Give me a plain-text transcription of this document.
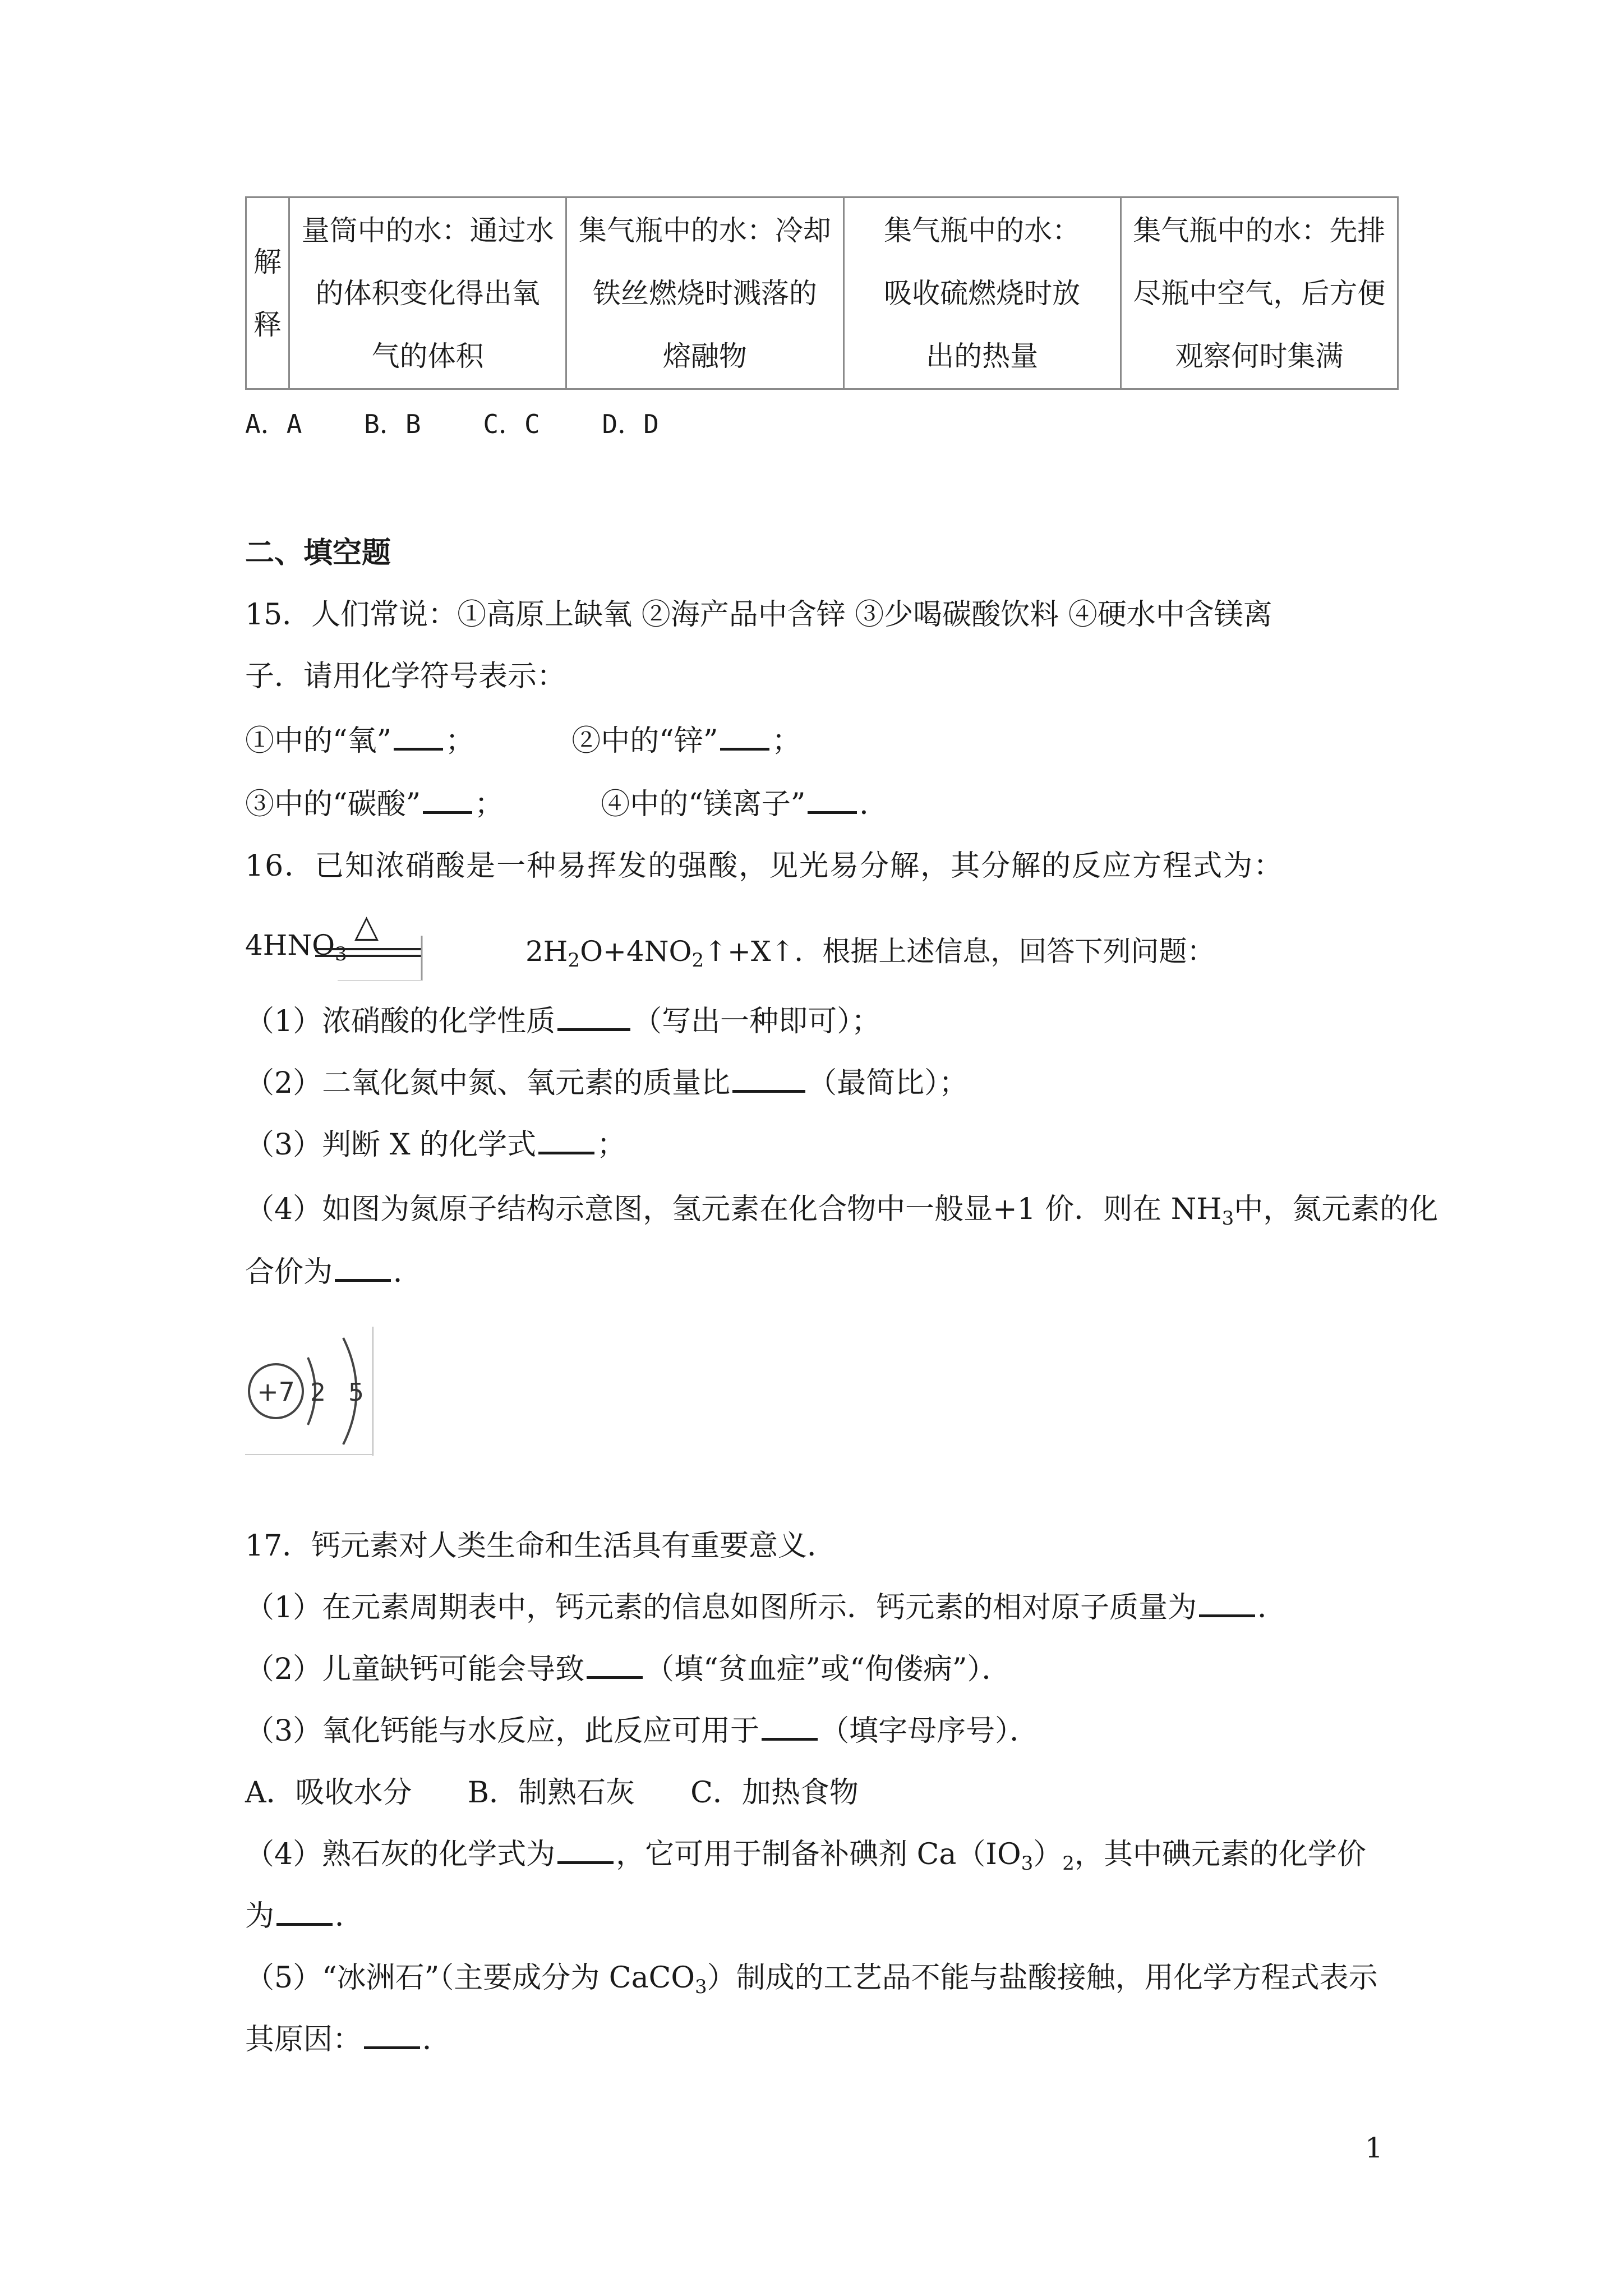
解
释

量筒中的水：通过水
的体积变化得出氧
气的体积

集气瓶中的水：冷却
铁丝燃烧时溅落的
熔融物

集气瓶中的水：
吸收硫燃烧时放
出的热量

集气瓶中的水：先排
尽瓶中空气，后方便
观察何时集满
A．A    B．B    C．C    D．D
二、填空题
15．人们常说：①高原上缺氧 ②海产品中含锌 ③少喝碳酸饮料 ④硬水中含镁离
子．请用化学符号表示：
①中的“氧” ；	②中的“锌” ；
③中的“碳酸” ；	④中的“镁离子” ．
16．已知浓硝酸是一种易挥发的强酸，见光易分解，其分解的反应方程式为：
$4HNO_3$
△
$2H_2O+4NO_2↑+X↑$．根据上述信息，回答下列问题：
（1）浓硝酸的化学性质	（写出一种即可）；
（2）二氧化氮中氮、氧元素的质量比	（最简比）；
（3）判断 X 的化学式 ；
（4）如图为氮原子结构示意图，氢元素在化合物中一般显+1 价．则在 $NH_3$中，氮元素的化
合价为 ．
+7 2 5
17．钙元素对人类生命和生活具有重要意义．
（1）在元素周期表中，钙元素的信息如图所示．钙元素的相对原子质量为 ．
（2）儿童缺钙可能会导致 （填“贫血症”或“佝偻病”）．
（3）氧化钙能与水反应，此反应可用于 （填字母序号）．
A．吸收水分      B．制熟石灰      C．加热食物
（4）熟石灰的化学式为 ，它可用于制备补碘剂 $Ca(IO_3)_2$，其中碘元素的化学价
为 ．
（5）“冰洲石”（主要成分为 CaCO$_3$）制成的工艺品不能与盐酸接触，用化学方程式表示
其原因： ．
1
